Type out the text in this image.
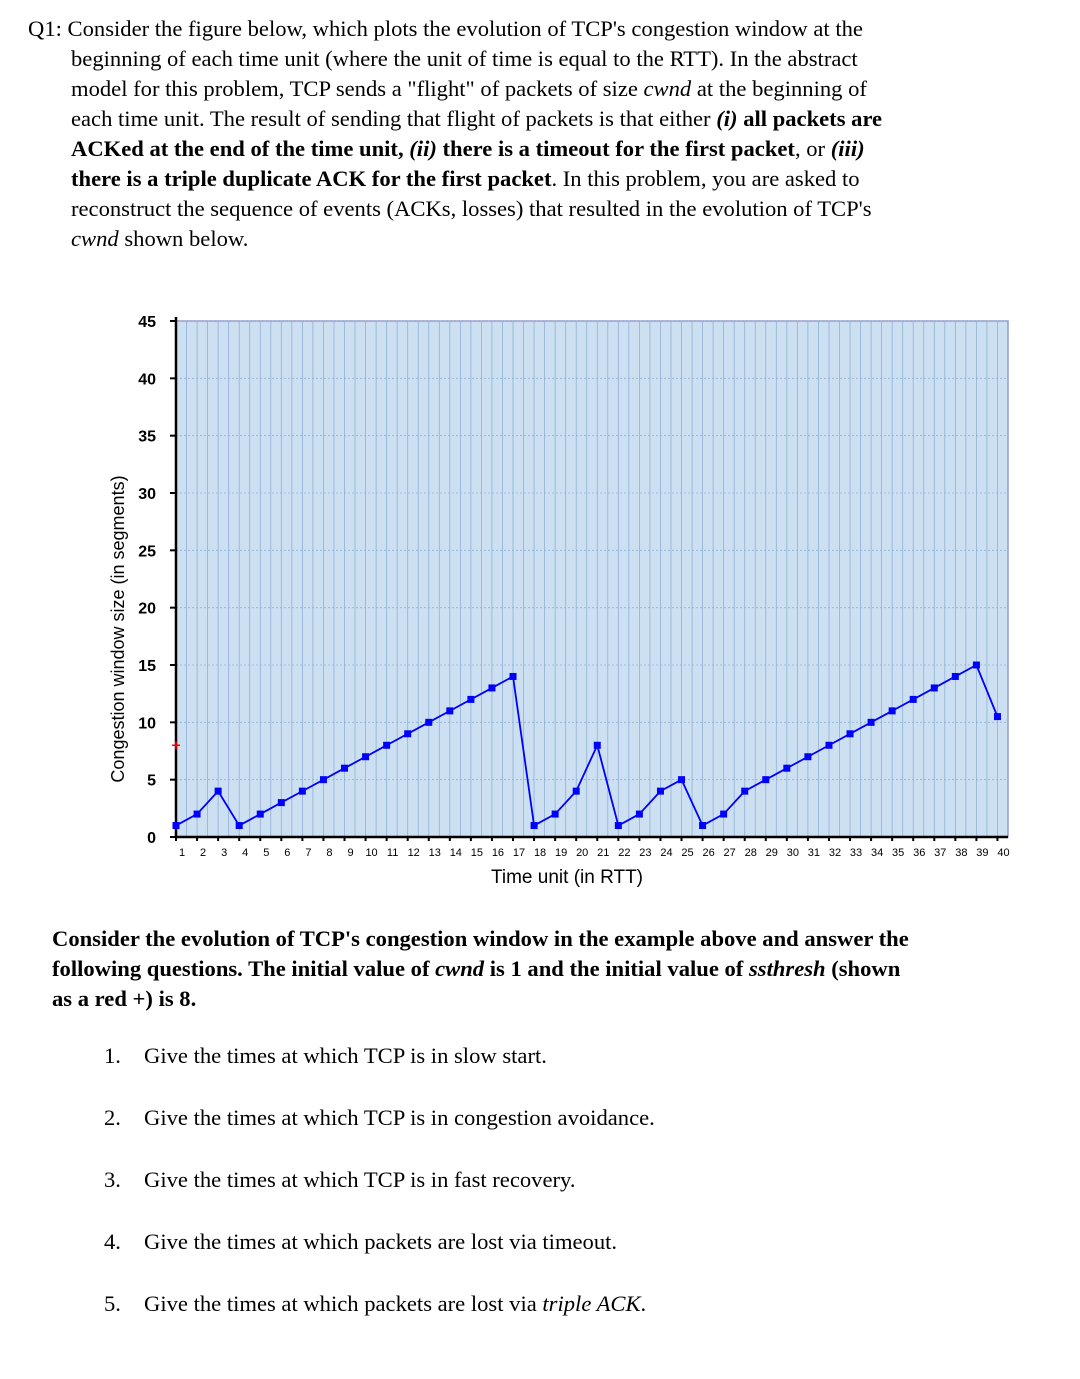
Q1: Consider the figure below, which plots the evolution of TCP's congestion window at the
beginning of each time unit (where the unit of time is equal to the RTT). In the abstract
model for this problem, TCP sends a "flight" of packets of size cwnd at the beginning of
each time unit. The result of sending that flight of packets is that either (i) all packets are
ACKed at the end of the time unit, (ii) there is a timeout for the first packet, or (iii)
there is a triple duplicate ACK for the first packet. In this problem, you are asked to
reconstruct the sequence of events (ACKs, losses) that resulted in the evolution of TCP's
cwnd shown below.
0
5
10
15
20
25
30
35
40
45
1 2 3 4 5 6 7 8 9 10 11 12 13 14 15 16 17 18 19 20 21 22 23 24 25 26 27 28 29 30 31 32 33 34 35 36 37 38 39 40
Time unit (in RTT)
Congestion window size (in segments)
Consider the evolution of TCP's congestion window in the example above and answer the
following questions. The initial value of cwnd is 1 and the initial value of ssthresh (shown
as a red +) is 8.
1.	Give the times at which TCP is in slow start.
2.	Give the times at which TCP is in congestion avoidance.
3.	Give the times at which TCP is in fast recovery.
4.	Give the times at which packets are lost via timeout.
5.	Give the times at which packets are lost via triple ACK.
